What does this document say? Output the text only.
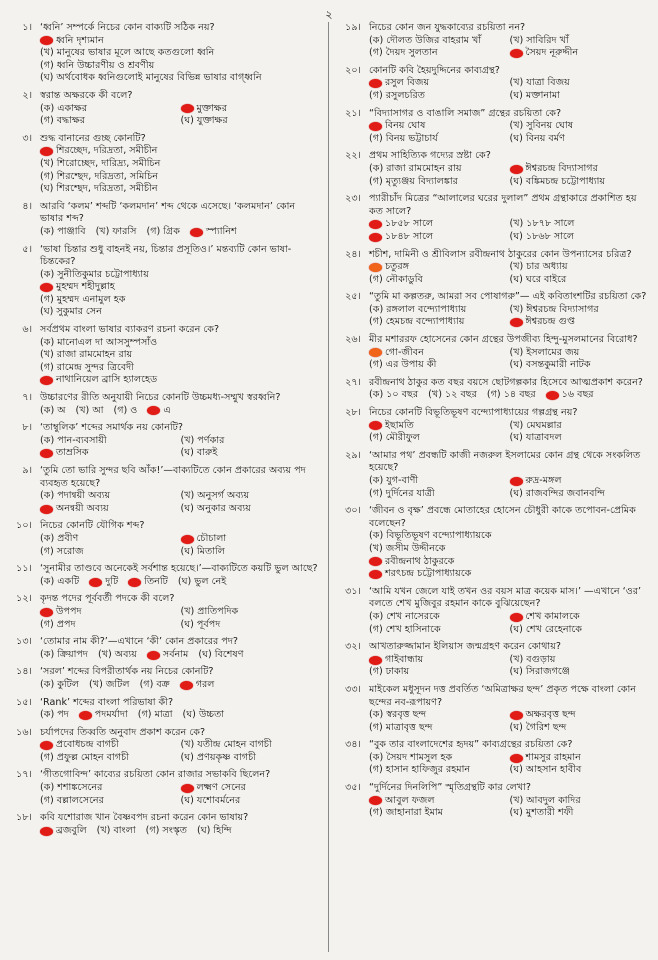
২
১। ‘ধ্বনি’ সম্পর্কে নিচের কোন বাক্যটি সঠিক নয়?
ধ্বনি দৃশ্যমান
(খ) মানুষের ভাষার মূলে আছে কতগুলো ধ্বনি
(গ) ধ্বনি উচ্চারণীয় ও শ্রবণীয়
(ঘ) অর্থবোধক ধ্বনিগুলোই মানুষের বিভিন্ন ভাষার বাগ্ধ্বনি
২। স্বরান্ত অক্ষরকে কী বলে?
(ক) একাক্ষর	মুক্তাক্ষর
(গ) বদ্ধাক্ষর	(ঘ) যুক্তাক্ষর
৩। শুদ্ধ বানানের গুচ্ছ কোনটি?
শিরচ্ছেদ, দরিদ্রতা, সমীচীন
(খ) শিরোচ্ছেদ, দারিদ্র্য, সমীচিন
(গ) শিরশ্ছেদ, দরিদ্রতা, সমিচিন
(ঘ) শিরশ্ছেদ, দরিদ্রতা, সমীচীন
৪। আরবি ‘কলম’ শব্দটি ‘কলমদান’ শব্দ থেকে এসেছে। ‘কলমদান’ কোন ভাষার শব্দ?
(ক) পাঞ্জাবি (খ) ফারসি (গ) গ্রিক	স্প্যানিশ
৫। ‘ভাষা চিন্তার শুধু বাহনই নয়, চিন্তার প্রসূতিও।’ মন্তব্যটি কোন ভাষা-চিন্তকের?
(ক) সুনীতিকুমার চট্টোপাধ্যায়
মুহম্মদ শহীদুল্লাহ
(গ) মুহম্মদ এনামুল হক
(ঘ) সুকুমার সেন
৬। সর্বপ্রথম বাংলা ভাষার ব্যাকরণ রচনা করেন কে?
(ক) মানোএল দা আসসুম্পসাঁও
(খ) রাজা রামমোহন রায়
(গ) রামেন্দ্র সুন্দর ত্রিবেদী
নাথানিয়েল ব্রাসি হ্যালহেড
৭। উচ্চারণের রীতি অনুযায়ী নিচের কোনটি উচ্চমধ্য-সম্মুখ স্বরধ্বনি?
(ক) অ (খ) আ (গ) ও	এ
৮। ‘তাম্বুলিক’ শব্দের সমার্থক নয় কোনটি?
(ক) পান-ব্যবসায়ী	(খ) পর্ণকার
তাম্রসিক	(ঘ) বারুই
৯। ‘তুমি তো ভারি সুন্দর ছবি আঁক!’—বাক্যটিতে কোন প্রকারের অব্যয় পদ ব্যবহৃত হয়েছে?
(ক) পদান্বয়ী অব্যয়	(খ) অনুসর্গ অব্যয়
অনন্বয়ী অব্যয়	(ঘ) অনুকার অব্যয়
১০। নিচের কোনটি যৌগিক শব্দ?
(ক) প্রবীণ	চৌচালা
(গ) সরোজ	(ঘ) মিতালি
১১। ‘সুনামীর তাণ্ডবে অনেকেই সর্বশান্ত হয়েছে।’—বাক্যটিতে কয়টি ভুল আছে?
(ক) একটি	দুটি	তিনটি (ঘ) ভুল নেই
১২। কৃদন্ত পদের পূর্ববর্তী পদকে কী বলে?
উপপদ	(খ) প্রাতিপদিক
(গ) প্রপদ	(ঘ) পূর্বপদ
১৩। ‘তোমার নাম কী?’—এখানে ‘কী’ কোন প্রকারের পদ?
(ক) ক্রিয়াপদ (খ) অব্যয়	সর্বনাম (ঘ) বিশেষণ
১৪। ‘সরল’ শব্দের বিপরীতার্থক নয় নিচের কোনটি?
(ক) কুটিল (খ) জটিল (গ) বক্র	গরল
১৫। ‘Rank’ শব্দের বাংলা পরিভাষা কী?
(ক) পদ	পদমর্যাদা (গ) মাত্রা (ঘ) উচ্চতা
১৬। চর্যাপদের তিব্বতি অনুবাদ প্রকাশ করেন কে?
প্রবোধচন্দ্র বাগচী	(খ) যতীন্দ্র মোহন বাগচী
(গ) প্রফুল্ল মোহন বাগচী	(ঘ) প্রণয়কৃষ্ণ বাগচী
১৭। ‘গীতগোবিন্দ’ কাব্যের রচয়িতা কোন রাজার সভাকবি ছিলেন?
(ক) শশাঙ্কসেনের	লক্ষ্মণ সেনের
(গ) বল্লালসেনের	(ঘ) যশোবর্মনের
১৮। কবি যশোরাজ খান বৈষ্ণবপদ রচনা করেন কোন ভাষায়?
ব্রজবুলি (খ) বাংলা (গ) সংস্কৃত (ঘ) হিন্দি
১৯। নিচের কোন জন যুদ্ধকাব্যের রচয়িতা নন?
(ক) দৌলত উজির বাহরাম খাঁ	(খ) সাবিরিদ খাঁ
(গ) দৈয়দ সুলতান	সৈয়দ নূরুদ্দীন
২০। কোনটি কবি হৈয়দুদ্দিনের কাব্যগ্রন্থ?
রসুল বিজয়	(খ) যাত্রা বিজয়
(গ) রসুলচরিত	(ঘ) মক্তানামা
২১। “বিদ্যাসাগর ও বাঙালি সমাজ” গ্রন্থের রচয়িতা কে?
বিনয় ঘোষ	(খ) সুবিনয় ঘোষ
(গ) বিনয় ভট্টাচার্য	(ঘ) বিনয় বর্মণ
২২। প্রথম সাহিত্যিক গদ্যের স্রষ্টা কে?
(ক) রাজা রামমোহন রায়	ঈশ্বরচন্দ্র বিদ্যাসাগর
(গ) মৃত্যুঞ্জয় বিদ্যালঙ্কার	(ঘ) বঙ্কিমচন্দ্র চট্টোপাধ্যায়
২৩। প্যারীচাঁদ মিত্রের “আলালের ঘরের দুলাল” প্রথম গ্রন্থাকারে প্রকাশিত হয় কত সালে?
১৮৫৮ সালে	(খ) ১৮৭৮ সালে
১৮৪৮ সালে	(ঘ) ১৮৬৮ সালে
২৪। শচীশ, দামিনী ও শ্রীবিলাস রবীন্দ্রনাথ ঠাকুরের কোন উপন্যাসের চরিত্র?
চতুরঙ্গ	(খ) চার অধ্যায়
(গ) নৌকাডুবি	(ঘ) ঘরে বাইরে
২৫। “তুমি মা কল্পতরু, আমরা সব পোষাগরু”— এই কবিতাংশটির রচয়িতা কে?
(ক) রঙ্গলাল বন্দ্যোপাধ্যায়	(খ) ঈশ্বরচন্দ্র বিদ্যাসাগর
(গ) হেমচন্দ্র বন্দ্যোপাধ্যায়	ঈশ্বরচন্দ্র গুপ্ত
২৬। মীর মশাররফ হোসেনের কোন গ্রন্থের উপজীব্য হিন্দু-মুসলমানের বিরোধ?
গো-জীবন	(খ) ইসলামের জয়
(গ) এর উপায় কী	(ঘ) বসন্তকুমারী নাটক
২৭। রবীন্দ্রনাথ ঠাকুর কত বছর বয়সে ছোটগল্পকার হিসেবে আত্মপ্রকাশ করেন?
(ক) ১০ বছর (খ) ১২ বছর (গ) ১৪ বছর	১৬ বছর
২৮। নিচের কোনটি বিভূতিভূষণ বন্দ্যোপাধ্যায়ের গল্পগ্রন্থ নয়?
ইছামতি	(খ) মেঘমল্লার
(গ) মৌরীফুল	(ঘ) যাত্রাবদল
২৯। ‘আমার পথ’ প্রবন্ধটি কাজী নজরুল ইসলামের কোন গ্রন্থ থেকে সংকলিত হয়েছে?
(ক) যুগ-বাণী	রুদ্র-মঙ্গল
(গ) দুর্দিনের যাত্রী	(ঘ) রাজবন্দির জবানবন্দি
৩০। ‘জীবন ও বৃক্ষ’ প্রবন্ধে মোতাহের হোসেন চৌধুরী কাকে তপোবন-প্রেমিক বলেছেন?
(ক) বিভূতিভূষণ বন্দ্যোপাধ্যায়কে
(খ) জসীম উদ্দীনকে
রবীন্দ্রনাথ ঠাকুরকে
শরৎচন্দ্র চট্টোপাধ্যায়কে
৩১। ‘আমি যখন জেলে যাই তখন ওর বয়স মাত্র কয়েক মাস।’ —এখানে ‘ওর’ বলতে শেখ মুজিবুর রহমান কাকে বুঝিয়েছেন?
(ক) শেখ নাসেরকে	শেখ কামালকে
(গ) শেখ হাসিনাকে	(ঘ) শেখ রেহেনাকে
৩২। আখতারুজ্জামান ইলিয়াস জন্মগ্রহণ করেন কোথায়?
গাইবান্ধায়	(খ) বগুড়ায়
(গ) ঢাকায়	(ঘ) সিরাজগঞ্জে
৩৩। মাইকেল মধুসূদন দত্ত প্রবর্তিত ‘অমিত্রাক্ষর ছন্দ’ প্রকৃত পক্ষে বাংলা কোন ছন্দের নব-রূপায়ণ?
(ক) স্বরবৃত্ত ছন্দ	অক্ষরবৃত্ত ছন্দ
(গ) মাত্রাবৃত্ত ছন্দ	(ঘ) গৈরিশ ছন্দ
৩৪। “বুক তার বাংলাদেশের হৃদয়” কাব্যগ্রন্থের রচয়িতা কে?
(ক) সৈয়দ শামসুল হক	শামসুর রাহমান
(গ) হাসান হাফিজুর রহমান	(ঘ) আহসান হাবীব
৩৫। “দুর্দিনের দিনলিপি” স্মৃতিগ্রন্থটি কার লেখা?
আবুল ফজল	(খ) আবদুল কাদির
(গ) জাহানারা ইমাম	(ঘ) মুশতারী শফী
